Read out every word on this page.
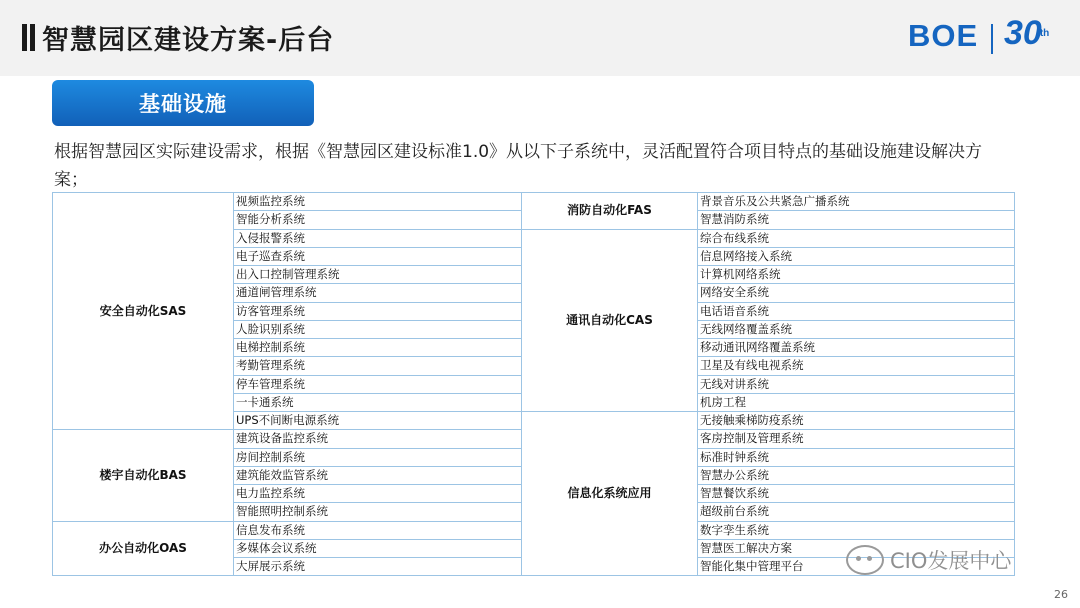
智慧园区建设方案-后台	BOE 30th
基础设施
根据智慧园区实际建设需求，根据《智慧园区建设标准1.0》从以下子系统中，灵活配置符合项目特点的基础设施建设解决方案；
安全自动化SAS	视频监控系统	消防自动化FAS	背景音乐及公共紧急广播系统
	智能分析系统		智慧消防系统
	入侵报警系统	通讯自动化CAS	综合布线系统
	电子巡查系统		信息网络接入系统
	出入口控制管理系统		计算机网络系统
	通道闸管理系统		网络安全系统
	访客管理系统		电话语音系统
	人脸识别系统		无线网络覆盖系统
	电梯控制系统		移动通讯网络覆盖系统
	考勤管理系统		卫星及有线电视系统
	停车管理系统		无线对讲系统
	一卡通系统		机房工程
	UPS不间断电源系统	信息化系统应用	无接触乘梯防疫系统
楼宇自动化BAS	建筑设备监控系统		客房控制及管理系统
	房间控制系统		标准时钟系统
	建筑能效监管系统		智慧办公系统
	电力监控系统		智慧餐饮系统
	智能照明控制系统		超级前台系统
办公自动化OAS	信息发布系统		数字孪生系统
	多媒体会议系统		智慧医工解决方案
	大屏展示系统		智能化集中管理平台	CIO发展中心
26
